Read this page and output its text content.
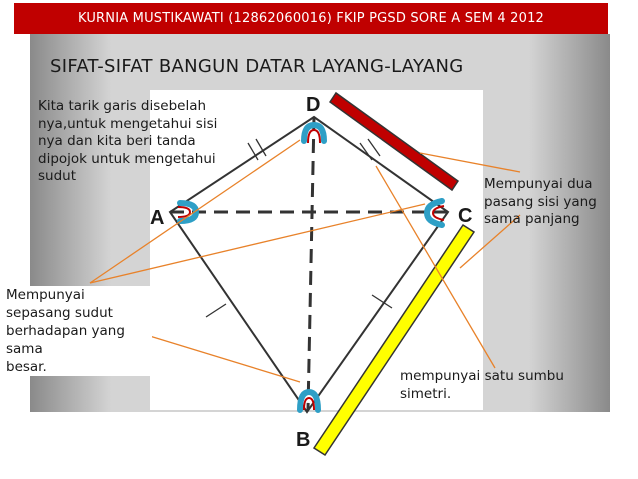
KURNIA MUSTIKAWATI (12862060016) FKIP PGSD SORE A SEM 4 2012
SIFAT-SIFAT BANGUN DATAR LAYANG-LAYANG
D
A	C
B

Kita tarik garis disebelah
nya,untuk mengetahui sisi
nya dan kita beri tanda
dipojok untuk mengetahui
sudut	Mempunyai dua
pasang sisi yang
sama panjang

Mempunyai
sepasang sudut
berhadapan yang
sama
besar.

mempunyai satu sumbu
simetri.
